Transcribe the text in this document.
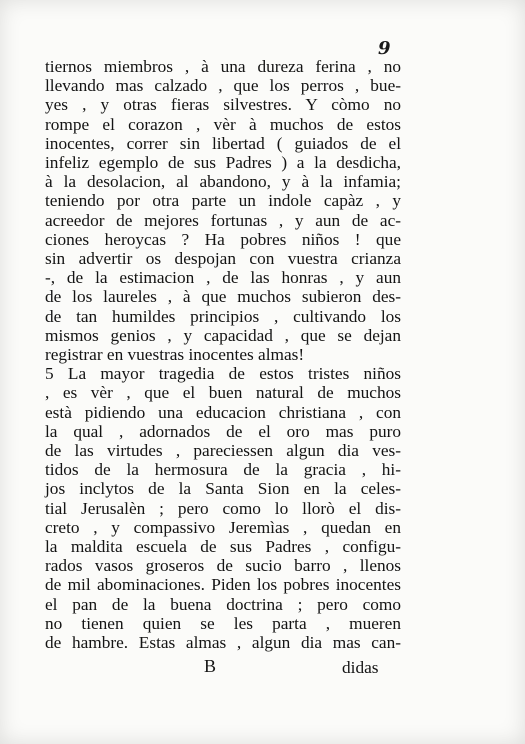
9
tiernos miembros , à una dureza ferina , no
llevando mas calzado , que los perros , bue-
yes , y otras fieras silvestres. Y còmo no
rompe el corazon , vèr à muchos de estos
inocentes, correr sin libertad ( guiados de el
infeliz egemplo de sus Padres ) a la desdicha,
à la desolacion, al abandono, y à la infamia;
teniendo por otra parte un indole capàz , y
acreedor de mejores fortunas , y aun de ac-
ciones heroycas ? Ha pobres niños ! que
sin advertir os despojan con vuestra crianza
-, de la estimacion , de las honras , y aun
de los laureles , à que muchos subieron des-
de tan humildes principios , cultivando los
mismos genios , y capacidad , que se dejan
registrar en vuestras inocentes almas!
5 La mayor tragedia de estos tristes niños
, es vèr , que el buen natural de muchos
està pidiendo una educacion christiana , con
la qual , adornados de el oro mas puro
de las virtudes , pareciessen algun dia ves-
tidos de la hermosura de la gracia , hi-
jos inclytos de la Santa Sion en la celes-
tial Jerusalèn ; pero como lo llorò el dis-
creto , y compassivo Jeremìas , quedan en
la maldita escuela de sus Padres , configu-
rados vasos groseros de sucio barro , llenos
de mil abominaciones. Piden los pobres inocentes
el pan de la buena doctrina ; pero como
no tienen quien se les parta , mueren
de hambre. Estas almas , algun dia mas can-
B	didas
